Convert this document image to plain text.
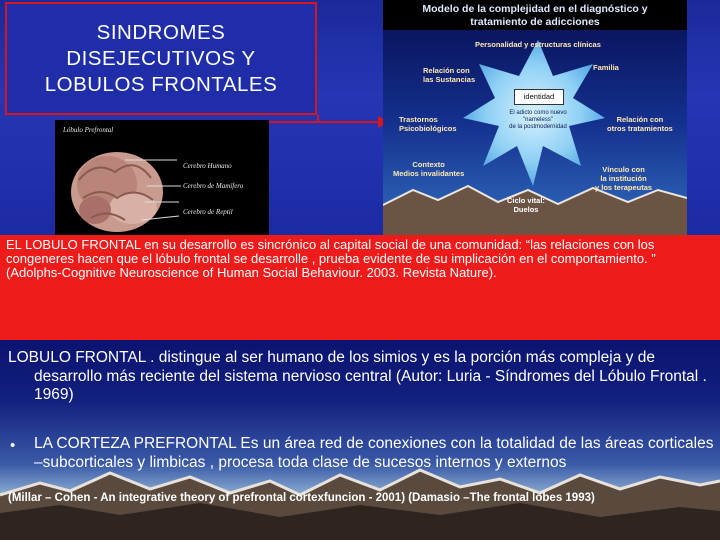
SINDROMES
DISEJECUTIVOS Y
LOBULOS FRONTALES
Lóbulo Prefrontal
Cerebro Humano
Cerebro de Mamífero
Cerebro de Reptil
Modelo de la complejidad en el diagnóstico y tratamiento de adicciones
Personalidad y estructuras clínicas
Familia
Relación con
las Sustancias
identidad
El adicto como nuevo
"nameless"
de la postmodernidad
Trastornos
Psicobiológicos
Relación con
otros tratamientos
Contexto
Medios invalidantes	Vínculo con
la institución
y los terapeutas
Ciclo vital:
Duelos
EL LOBULO FRONTAL en su desarrollo es sincrónico al capital social de una comunidad: “las relaciones con los congeneres hacen que el lóbulo frontal se desarrolle , prueba evidente de su implicación en el comportamiento. ” (Adolphs-Cognitive Neuroscience of Human Social Behaviour. 2003. Revista Nature).
LOBULO FRONTAL . distingue al ser humano de los simios y es la porción más compleja y de desarrollo más reciente del sistema nervioso central (Autor: Luria - Síndromes del Lóbulo Frontal . 1969)
• LA CORTEZA PREFRONTAL Es un área red de conexiones con la totalidad de las áreas corticales –subcorticales y limbicas , procesa toda clase de sucesos internos y externos
(Millar – Cohen - An integrative theory of prefrontal cortexfuncion - 2001) (Damasio –The frontal lobes 1993)
